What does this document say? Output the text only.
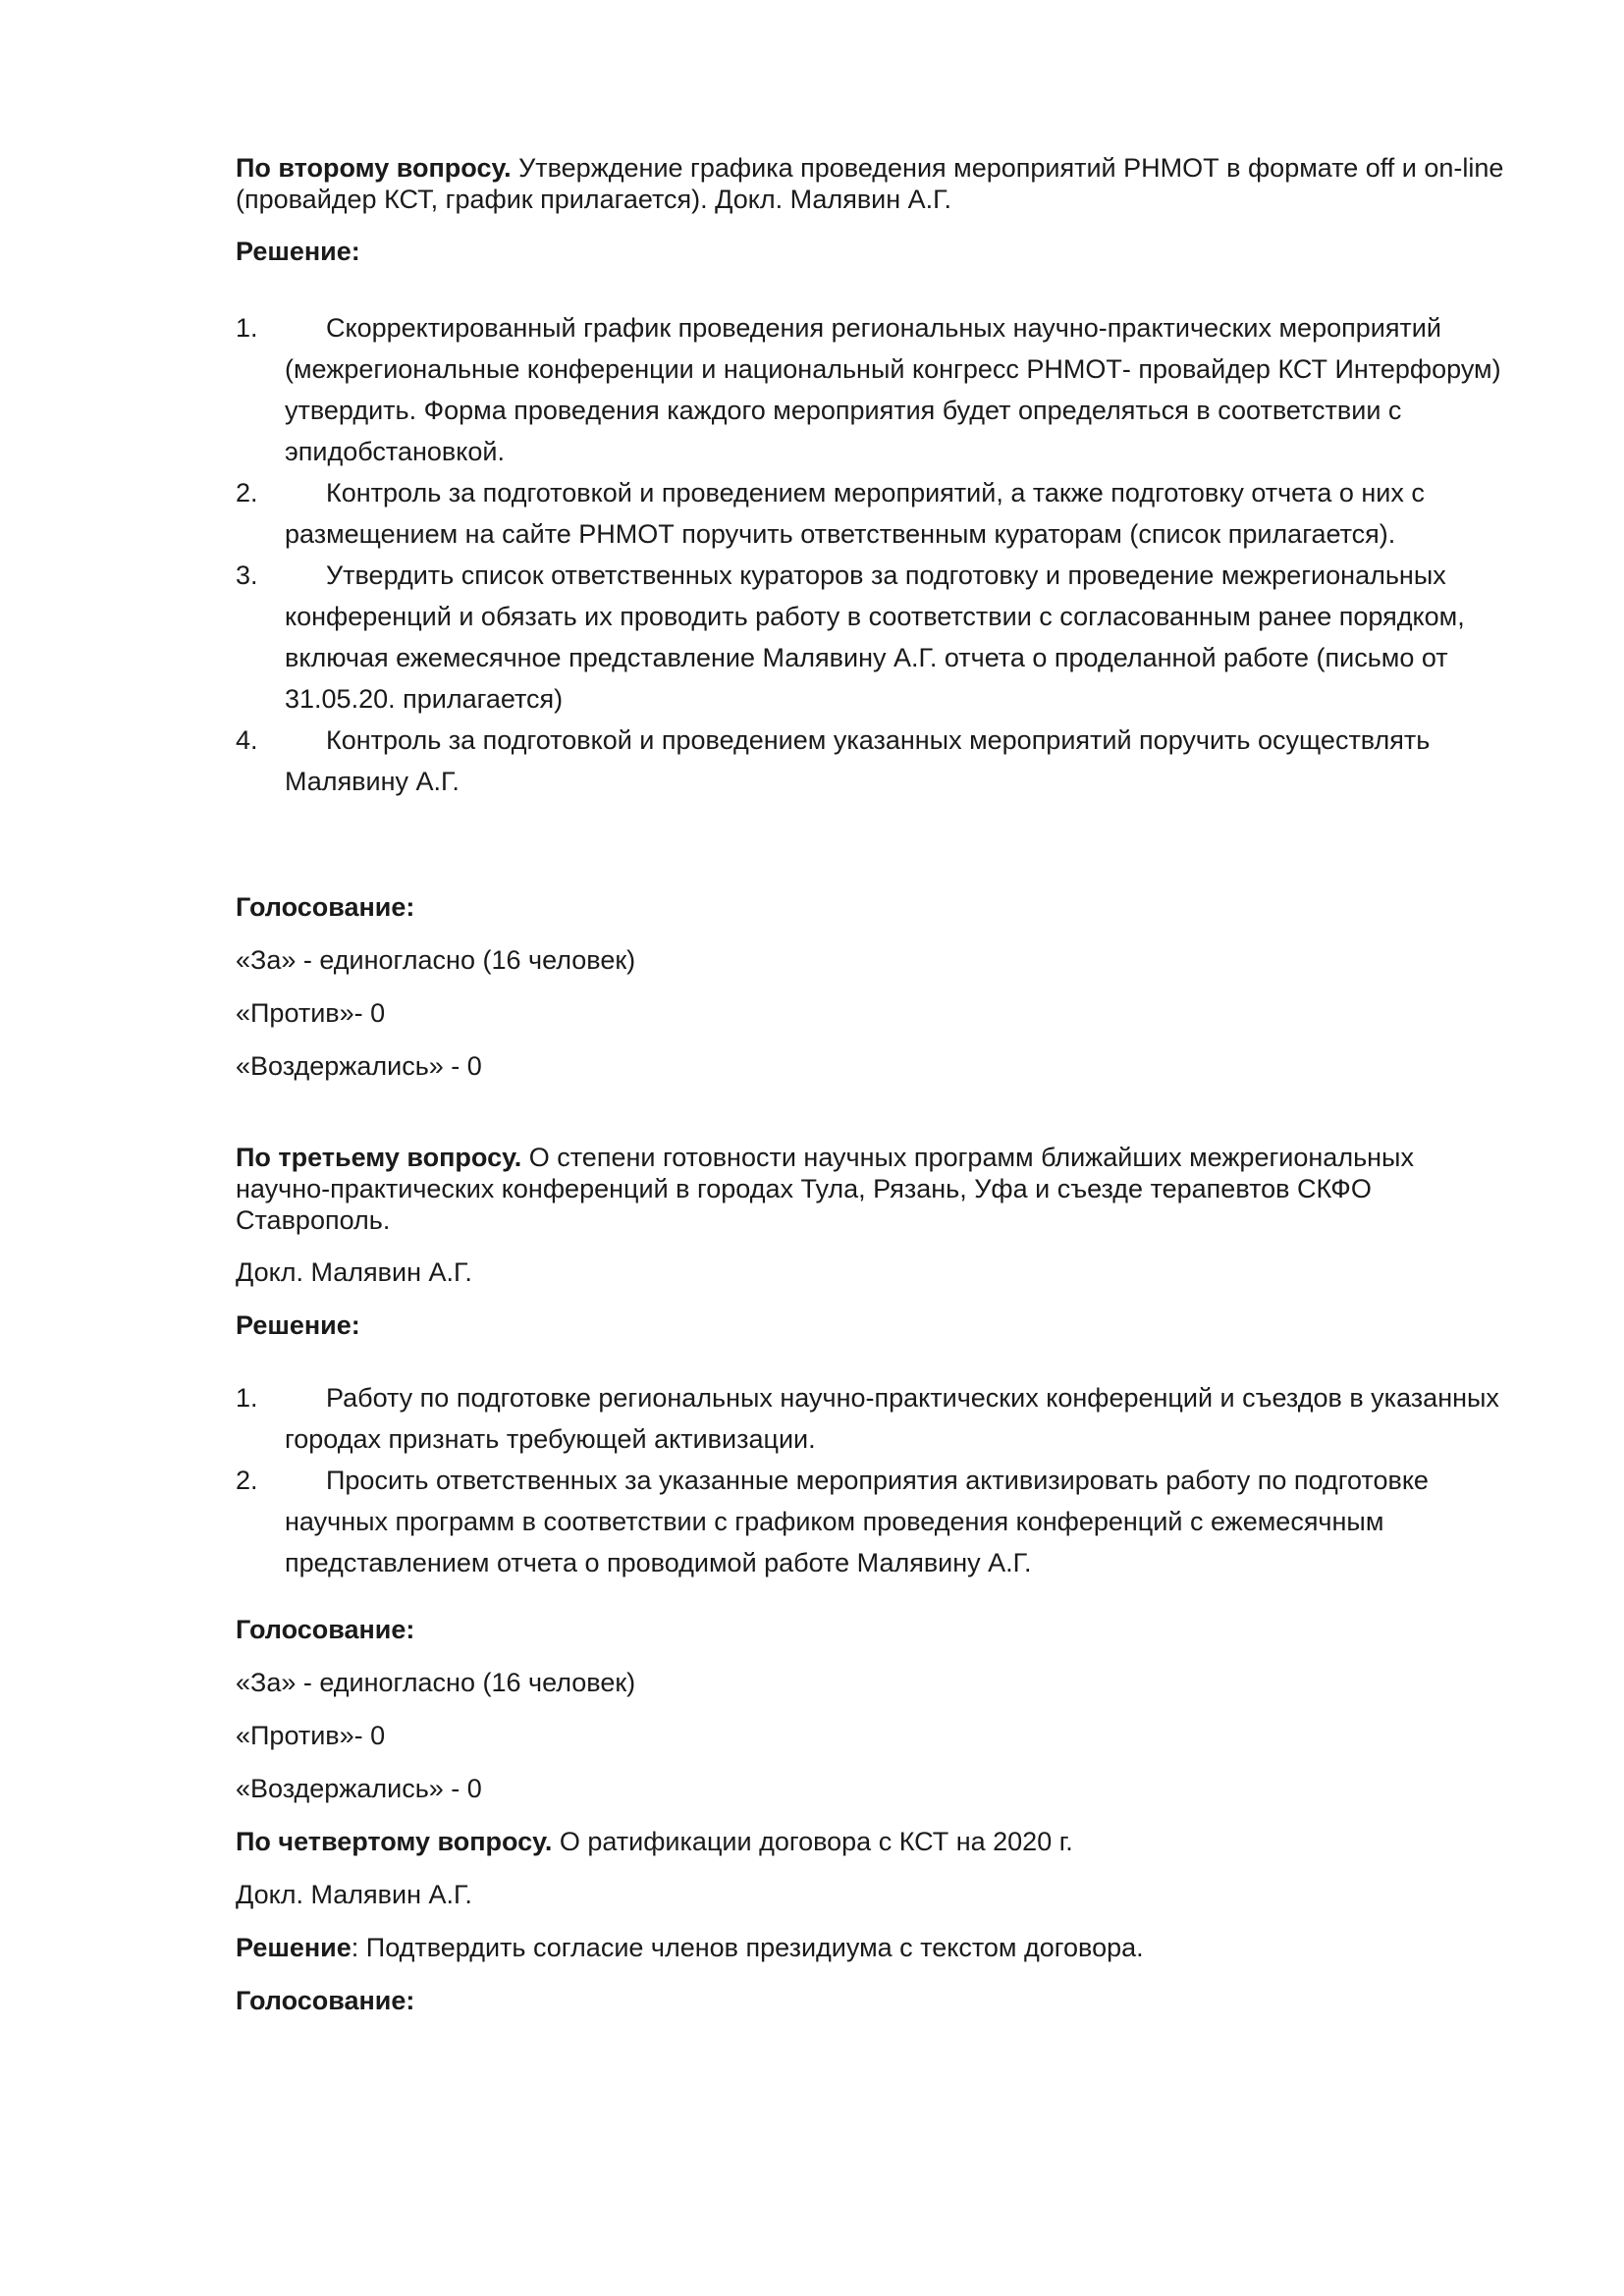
По второму вопросу. Утверждение графика проведения мероприятий РНМОТ в формате off и on-line (провайдер КСТ, график прилагается). Докл. Малявин А.Г.

Решение:

1.	Скорректированный график проведения региональных научно-практических мероприятий (межрегиональные конференции и национальный конгресс РНМОТ- провайдер КСТ Интерфорум) утвердить. Форма проведения каждого мероприятия будет определяться в соответствии с эпидобстановкой.
2.	Контроль за подготовкой и проведением мероприятий, а также подготовку отчета о них с размещением на сайте РНМОТ поручить ответственным кураторам (список прилагается).
3.	Утвердить список ответственных кураторов за подготовку и проведение межрегиональных конференций и обязать их проводить работу в соответствии с согласованным ранее порядком, включая ежемесячное представление Малявину А.Г. отчета о проделанной работе (письмо от 31.05.20. прилагается)
4.	Контроль за подготовкой и проведением указанных мероприятий поручить осуществлять Малявину А.Г.

Голосование:

«За» - единогласно (16 человек)

«Против»- 0

«Воздержались» - 0

По третьему вопросу. О степени готовности научных программ ближайших межрегиональных научно-практических конференций в городах Тула, Рязань, Уфа и съезде терапевтов СКФО Ставрополь.

Докл. Малявин А.Г.

Решение:

1.	Работу по подготовке региональных научно-практических конференций и съездов в указанных городах признать требующей активизации.
2.	Просить ответственных за указанные мероприятия активизировать работу по подготовке научных программ в соответствии с графиком проведения конференций с ежемесячным представлением отчета о проводимой работе Малявину А.Г.

Голосование:

«За» - единогласно (16 человек)

«Против»- 0

«Воздержались» - 0

По четвертому вопросу. О ратификации договора с КСТ на 2020 г.

Докл. Малявин А.Г.

Решение: Подтвердить согласие членов президиума с текстом договора.

Голосование:
